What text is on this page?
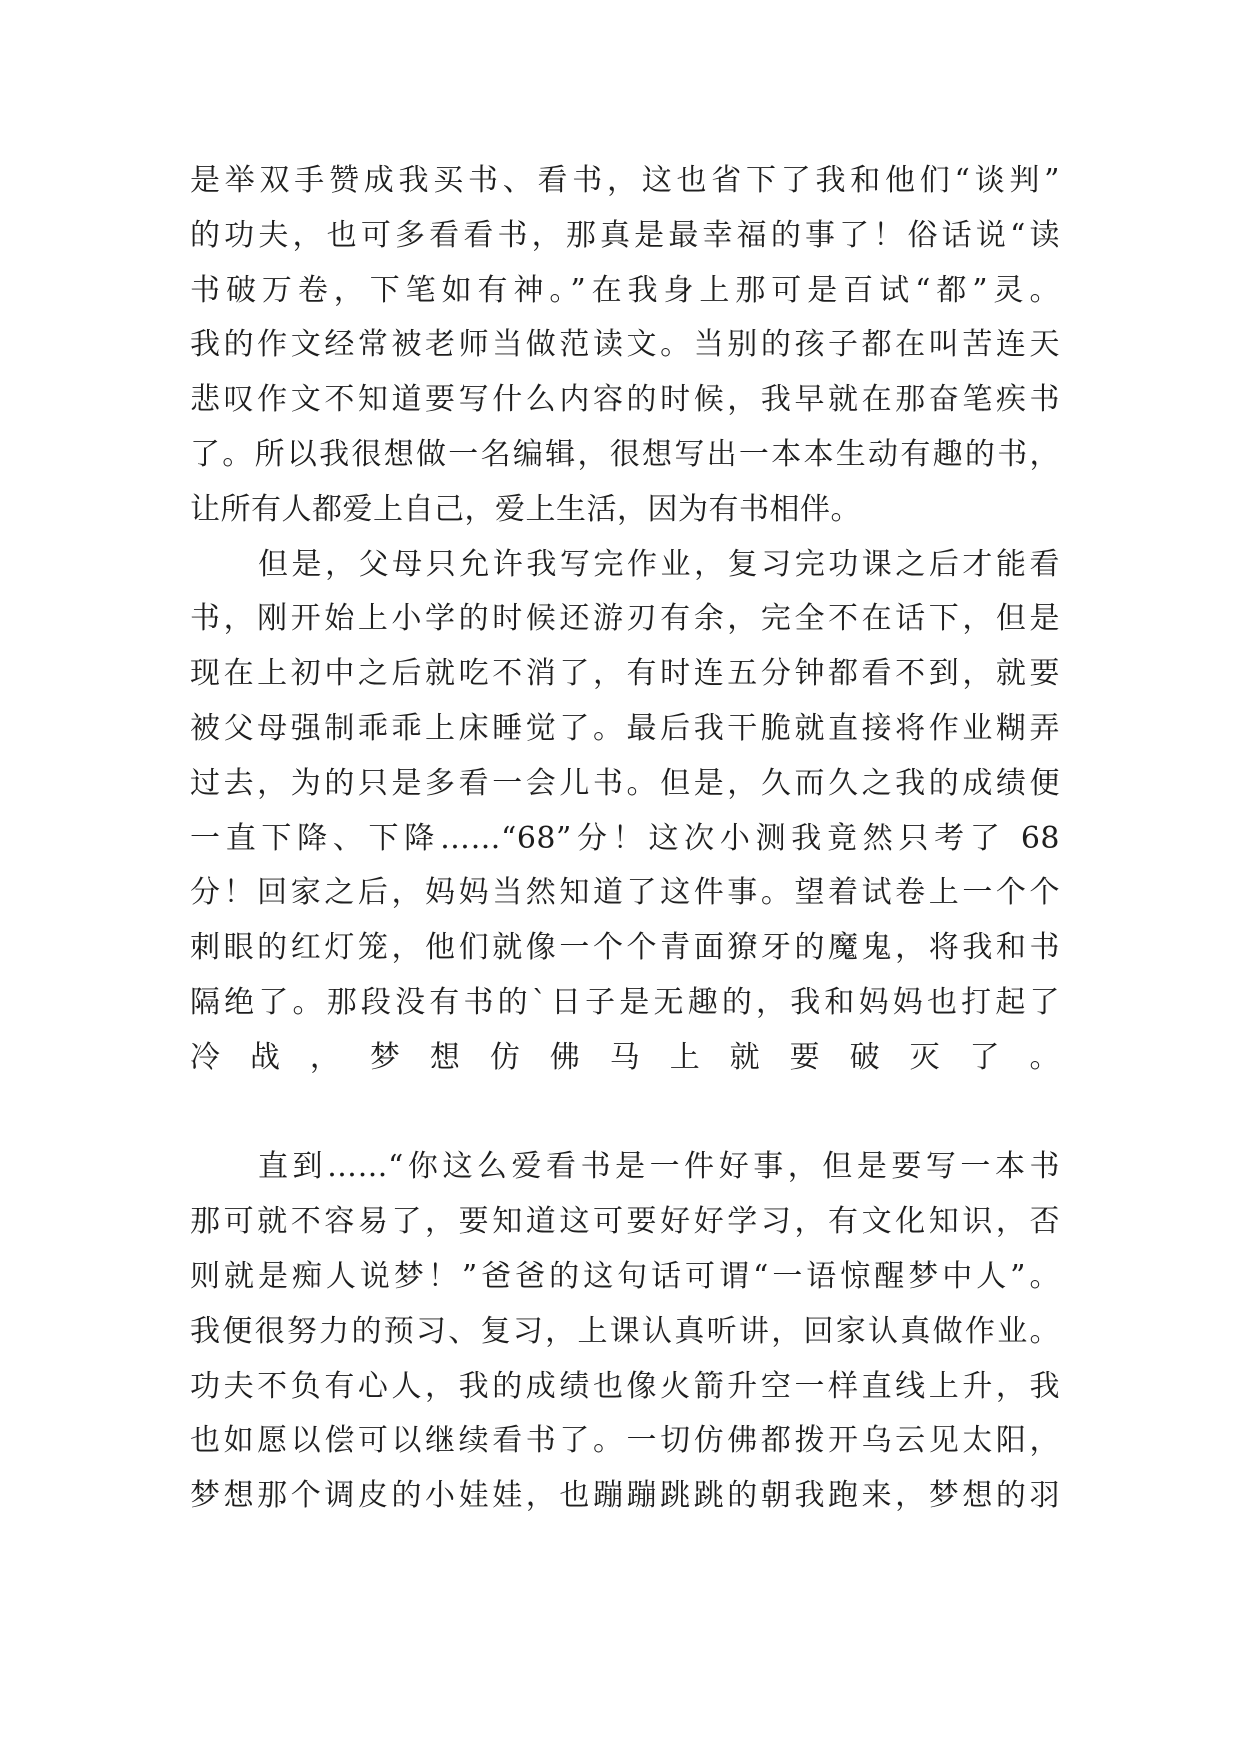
是举双手赞成我买书、看书，这也省下了我和他们“谈判”
的功夫，也可多看看书，那真是最幸福的事了！俗话说“读
书破万卷，下笔如有神。”在我身上那可是百试“都”灵。
我的作文经常被老师当做范读文。当别的孩子都在叫苦连天
悲叹作文不知道要写什么内容的时候，我早就在那奋笔疾书
了。所以我很想做一名编辑，很想写出一本本生动有趣的书，
让所有人都爱上自己，爱上生活，因为有书相伴。
但是，父母只允许我写完作业，复习完功课之后才能看
书，刚开始上小学的时候还游刃有余，完全不在话下，但是
现在上初中之后就吃不消了，有时连五分钟都看不到，就要
被父母强制乖乖上床睡觉了。最后我干脆就直接将作业糊弄
过去，为的只是多看一会儿书。但是，久而久之我的成绩便
一直下降、下降……“68”分！这次小测我竟然只考了 68
分！回家之后，妈妈当然知道了这件事。望着试卷上一个个
刺眼的红灯笼，他们就像一个个青面獠牙的魔鬼，将我和书
隔绝了。那段没有书的`日子是无趣的，我和妈妈也打起了
冷战，梦想仿佛马上就要破灭了。
直到……“你这么爱看书是一件好事，但是要写一本书
那可就不容易了，要知道这可要好好学习，有文化知识，否
则就是痴人说梦！”爸爸的这句话可谓“一语惊醒梦中人”。
我便很努力的预习、复习，上课认真听讲，回家认真做作业。
功夫不负有心人，我的成绩也像火箭升空一样直线上升，我
也如愿以偿可以继续看书了。一切仿佛都拨开乌云见太阳，
梦想那个调皮的小娃娃，也蹦蹦跳跳的朝我跑来，梦想的羽
